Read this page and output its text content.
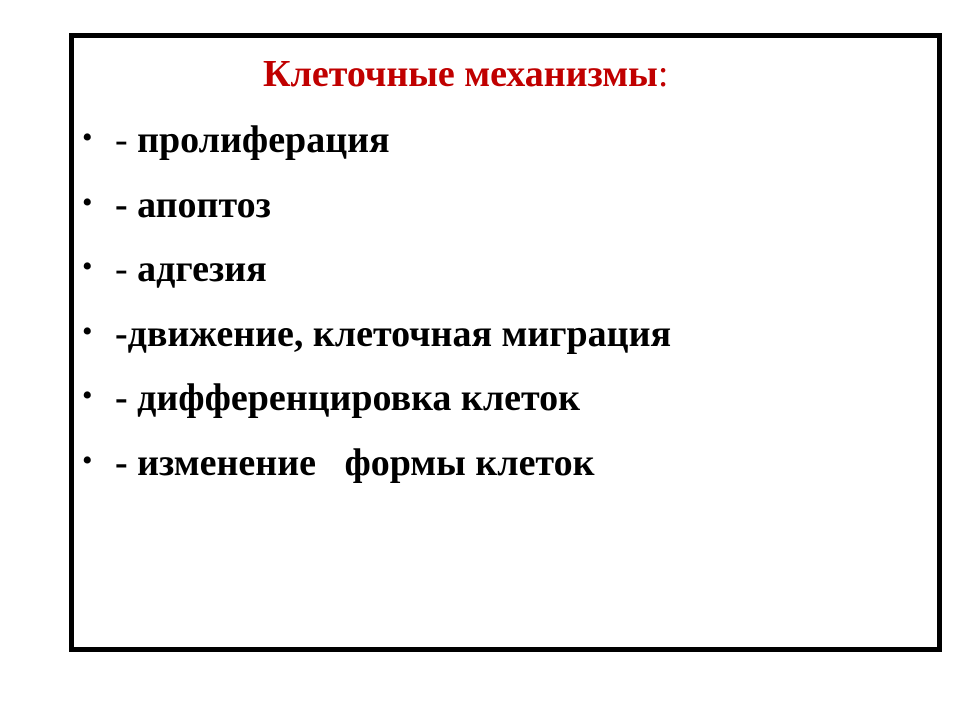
Клеточные механизмы:
• - пролиферация
• - апоптоз
• - адгезия
• -движение, клеточная миграция
• - дифференцировка клеток
• - изменение   формы клеток
